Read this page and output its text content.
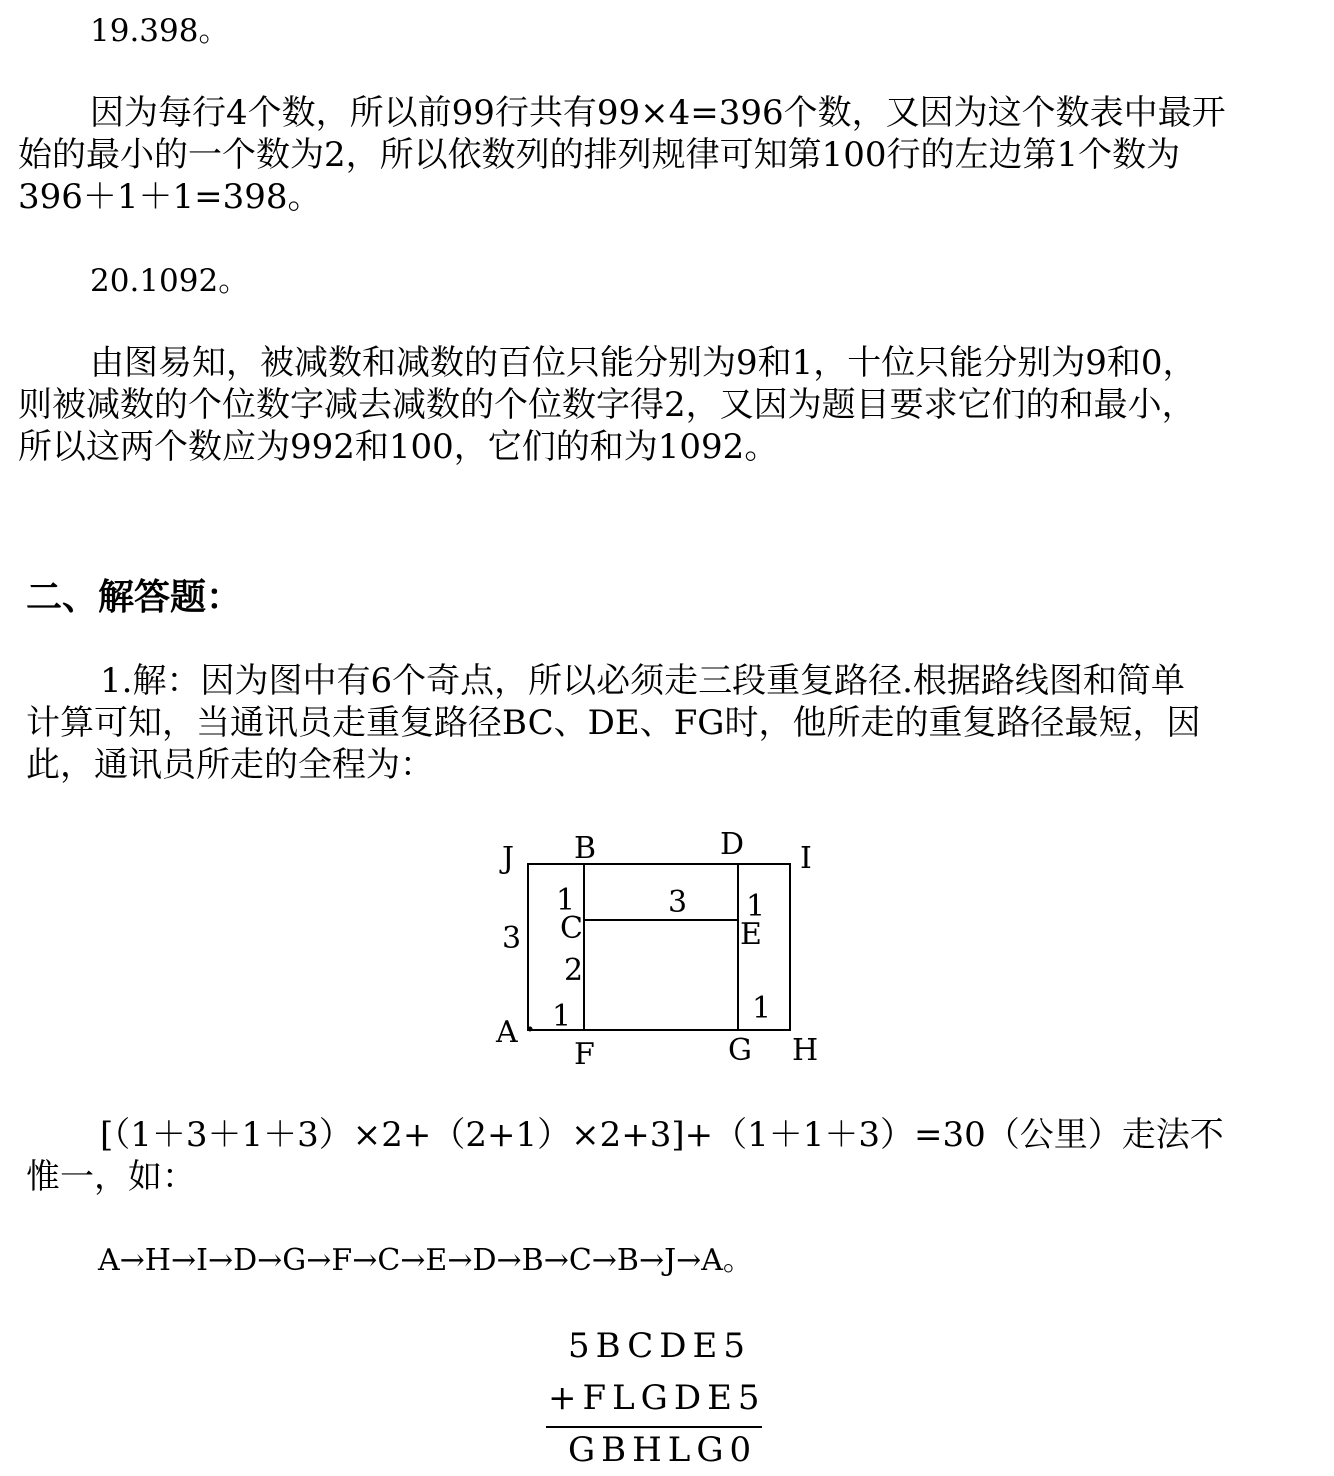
19.398。
因为每行4个数，所以前99行共有99×4=396个数，又因为这个数表中最开
始的最小的一个数为2，所以依数列的排列规律可知第100行的左边第1个数为
396＋1＋1=398。
20.1092。
由图易知，被减数和减数的百位只能分别为9和1，十位只能分别为9和0，
则被减数的个位数字减去减数的个位数字得2，又因为题目要求它们的和最小，
所以这两个数应为992和100，它们的和为1092。
二、解答题：
1.解：因为图中有6个奇点，所以必须走三段重复路径.根据路线图和简单
计算可知，当通讯员走重复路径BC、DE、FG时，他所走的重复路径最短，因
此，通讯员所走的全程为：
J B	D I
C	E
A
F	G H
1	3 1
3
2
1	1
[（1＋3＋1＋3）×2+（2+1）×2+3]+（1＋1＋3）=30（公里）走法不
惟一，如：
A→H→I→D→G→F→C→E→D→B→C→B→J→A。
5BCDE5
+FLGDE5
GBHLG0
